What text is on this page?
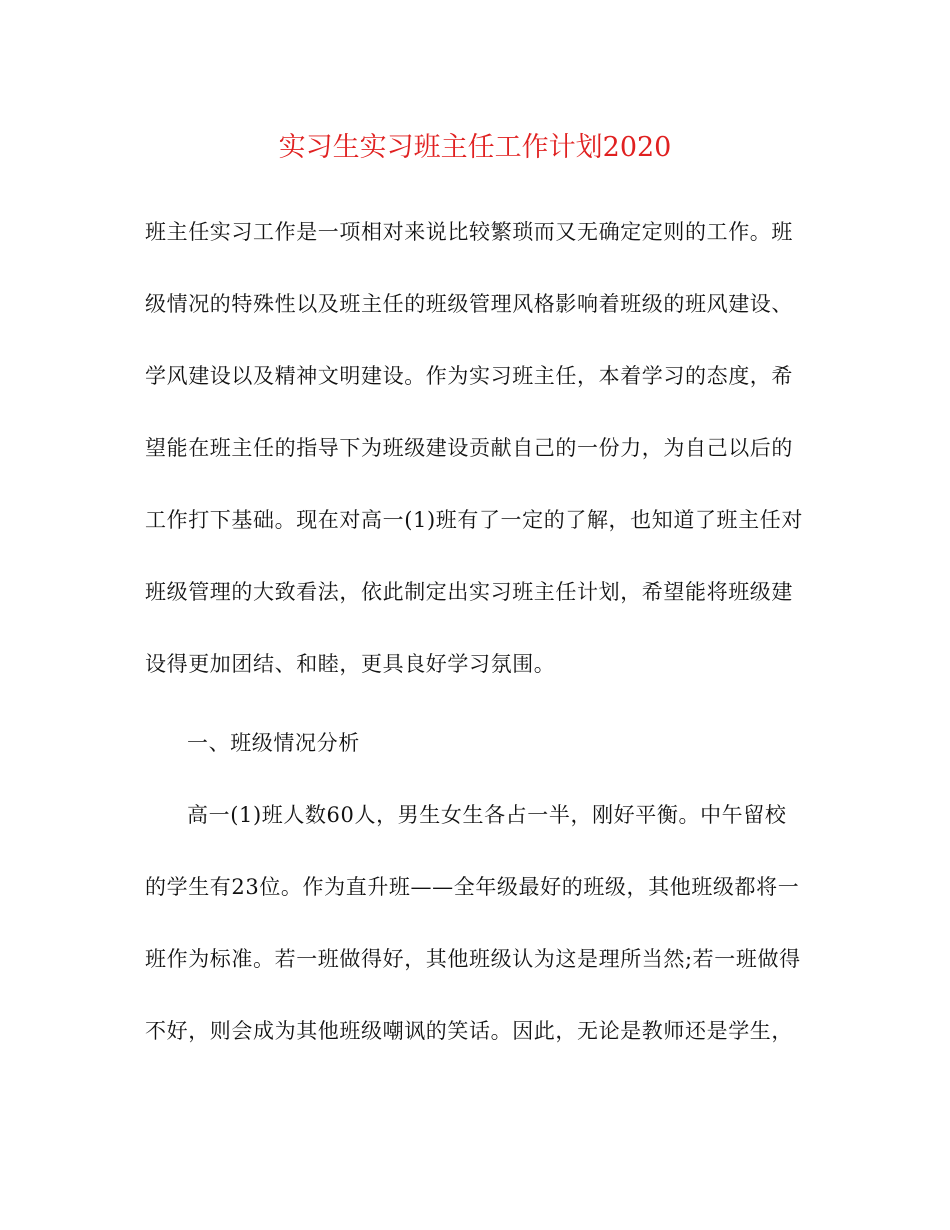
实习生实习班主任工作计划2020
班主任实习工作是一项相对来说比较繁琐而又无确定定则的工作。班
级情况的特殊性以及班主任的班级管理风格影响着班级的班风建设、
学风建设以及精神文明建设。作为实习班主任，本着学习的态度，希
望能在班主任的指导下为班级建设贡献自己的一份力，为自己以后的
工作打下基础。现在对高一(1)班有了一定的了解，也知道了班主任对
班级管理的大致看法，依此制定出实习班主任计划，希望能将班级建
设得更加团结、和睦，更具良好学习氛围。
一、班级情况分析
高一(1)班人数60人，男生女生各占一半，刚好平衡。中午留校
的学生有23位。作为直升班——全年级最好的班级，其他班级都将一
班作为标准。若一班做得好，其他班级认为这是理所当然;若一班做得
不好，则会成为其他班级嘲讽的笑话。因此，无论是教师还是学生，
